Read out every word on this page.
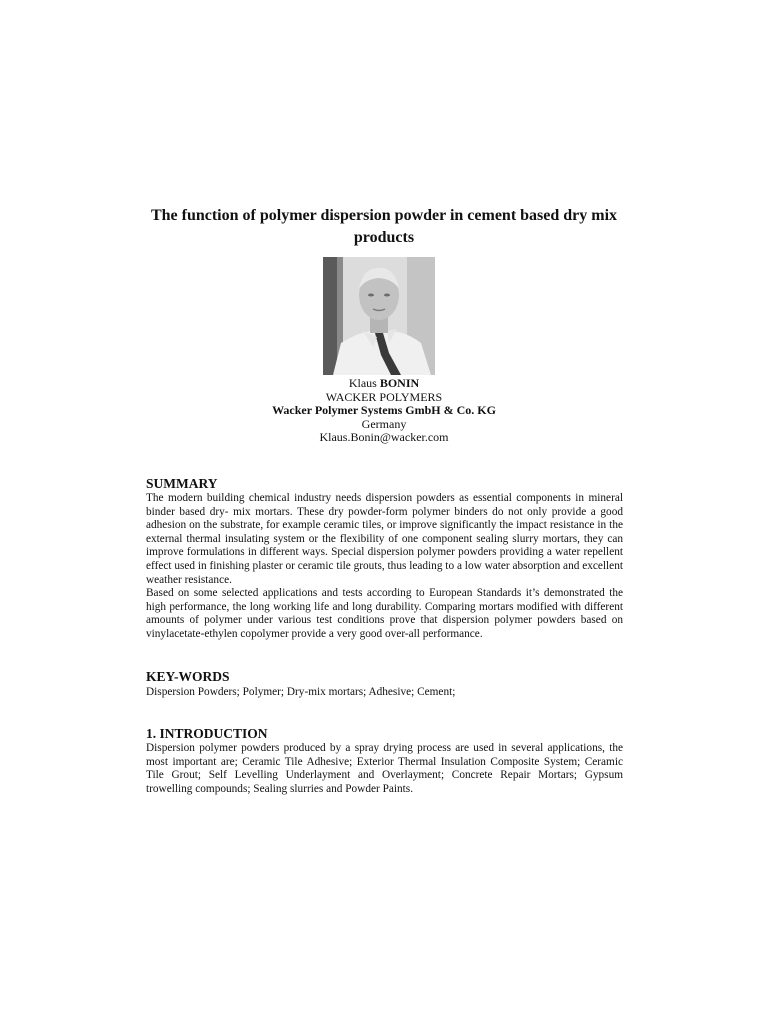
The function of polymer dispersion powder in cement based dry mix products
Klaus BONIN
WACKER POLYMERS
Wacker Polymer Systems GmbH & Co. KG
Germany
Klaus.Bonin@wacker.com
SUMMARY

The modern building chemical industry needs dispersion powders as essential components in mineral binder based dry- mix mortars. These dry powder-form polymer binders do not only provide a good adhesion on the substrate, for example ceramic tiles, or improve significantly the impact resistance in the external thermal insulating system or the flexibility of one component sealing slurry mortars, they can improve formulations in different ways. Special dispersion polymer powders providing a water repellent effect used in finishing plaster or ceramic tile grouts, thus leading to a low water absorption and excellent weather resistance.

Based on some selected applications and tests according to European Standards it’s demonstrated the high performance, the long working life and long durability. Comparing mortars modified with different amounts of polymer under various test conditions prove that dispersion polymer powders based on vinylacetate-ethylen copolymer provide a very good over-all performance.

KEY-WORDS

Dispersion Powders; Polymer; Dry-mix mortars; Adhesive; Cement;

1. INTRODUCTION

Dispersion polymer powders produced by a spray drying process are used in several applications, the most important are; Ceramic Tile Adhesive; Exterior Thermal Insulation Composite System; Ceramic Tile Grout; Self Levelling Underlayment and Overlayment; Concrete Repair Mortars; Gypsum trowelling compounds; Sealing slurries and Powder Paints.
